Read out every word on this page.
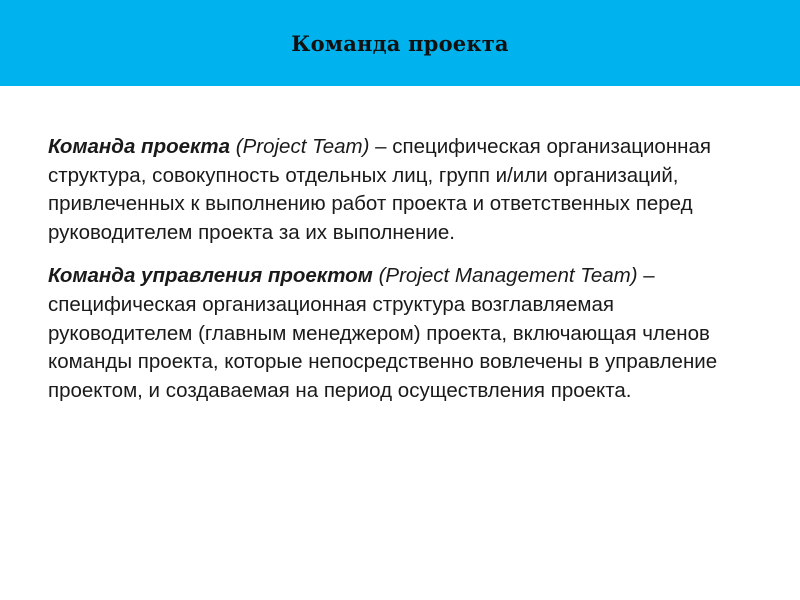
Команда проекта

Команда проекта (Project Team) – специфическая организационная структура, совокупность отдельных лиц, групп и/или организаций, привлеченных к выполнению работ проекта и ответственных перед руководителем проекта за их выполнение.

Команда управления проектом (Project Management Team) – специфическая организационная структура возглавляемая руководителем (главным менеджером) проекта, включающая членов команды проекта, которые непосредственно вовлечены в управление проектом, и создаваемая на период осуществления проекта.
